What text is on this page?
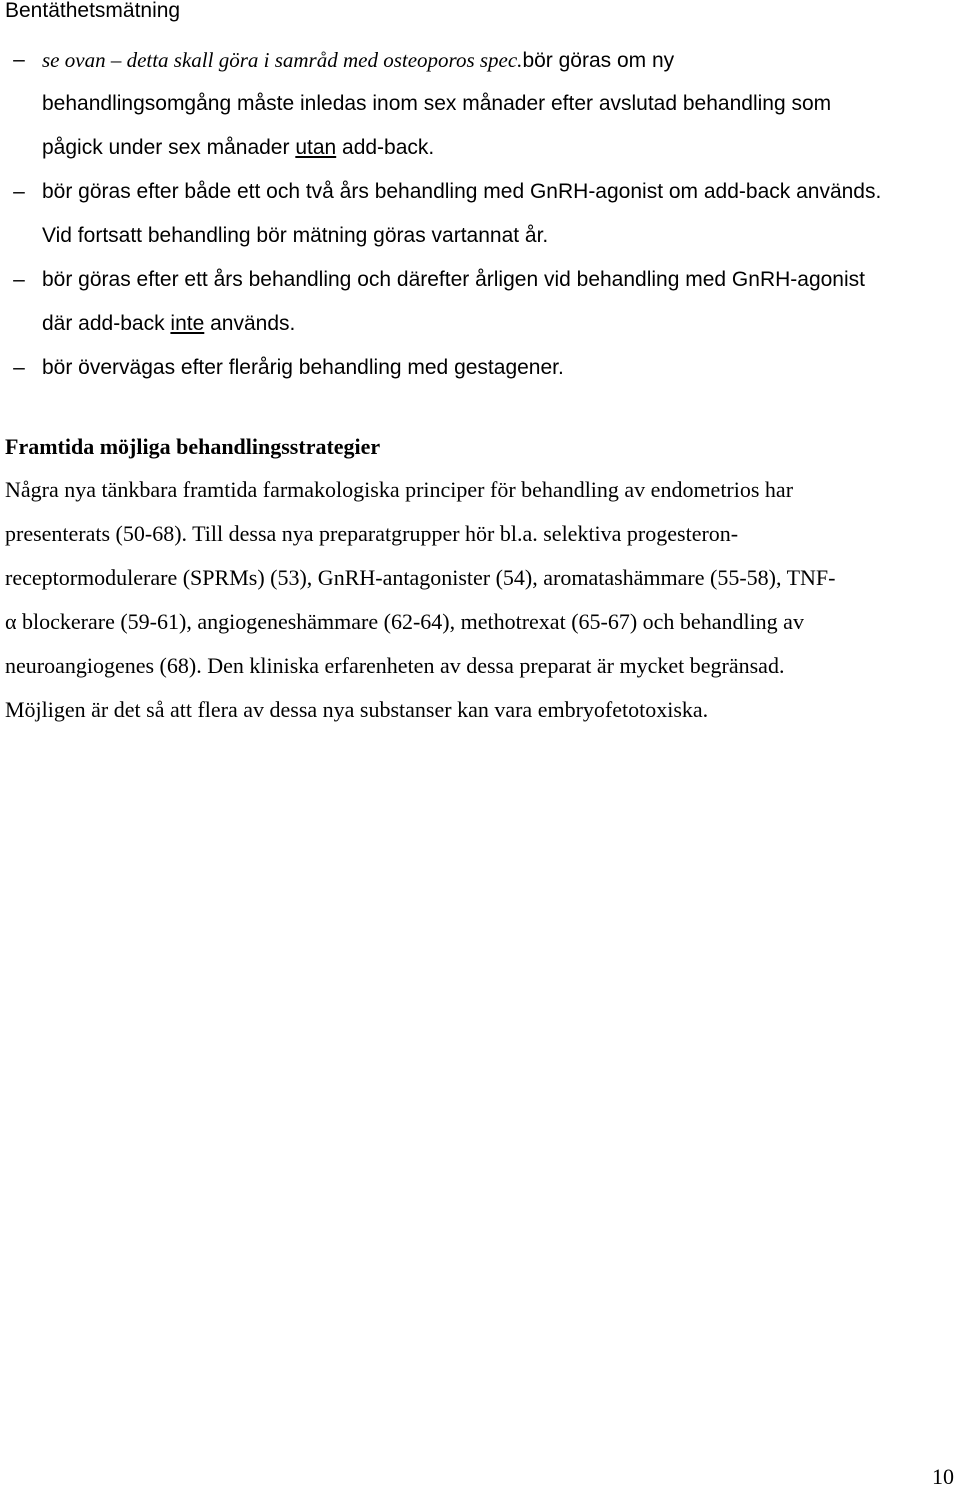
Bentäthetsmätning
– se ovan – detta skall göra i samråd med osteoporos spec.bör göras om ny
behandlingsomgång måste inledas inom sex månader efter avslutad behandling som
pågick under sex månader utan add-back.
– bör göras efter både ett och två års behandling med GnRH-agonist om add-back används.
Vid fortsatt behandling bör mätning göras vartannat år.
– bör göras efter ett års behandling och därefter årligen vid behandling med GnRH-agonist
där add-back inte används.
– bör övervägas efter flerårig behandling med gestagener.
Framtida möjliga behandlingsstrategier
Några nya tänkbara framtida farmakologiska principer för behandling av endometrios har
presenterats (50-68). Till dessa nya preparatgrupper hör bl.a. selektiva progesteron-
receptormodulerare (SPRMs) (53), GnRH-antagonister (54), aromatashämmare (55-58), TNF-
α blockerare (59-61), angiogeneshämmare (62-64), methotrexat (65-67) och behandling av
neuroangiogenes (68). Den kliniska erfarenheten av dessa preparat är mycket begränsad.
Möjligen är det så att flera av dessa nya substanser kan vara embryofetotoxiska.
10
